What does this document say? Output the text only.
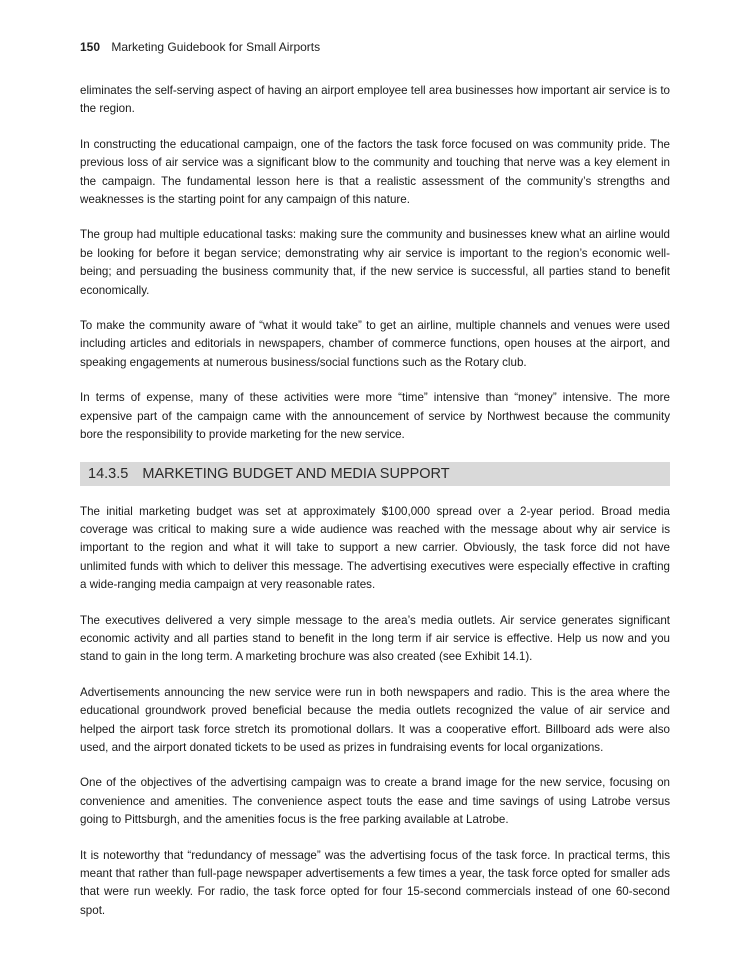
150 Marketing Guidebook for Small Airports

eliminates the self-serving aspect of having an airport employee tell area businesses how important air service is to the region.

In constructing the educational campaign, one of the factors the task force focused on was community pride. The previous loss of air service was a significant blow to the community and touching that nerve was a key element in the campaign. The fundamental lesson here is that a realistic assessment of the community’s strengths and weaknesses is the starting point for any campaign of this nature.

The group had multiple educational tasks: making sure the community and businesses knew what an airline would be looking for before it began service; demonstrating why air service is important to the region’s economic well-being; and persuading the business community that, if the new service is successful, all parties stand to benefit economically.

To make the community aware of “what it would take” to get an airline, multiple channels and venues were used including articles and editorials in newspapers, chamber of commerce functions, open houses at the airport, and speaking engagements at numerous business/social functions such as the Rotary club.

In terms of expense, many of these activities were more “time” intensive than “money” intensive. The more expensive part of the campaign came with the announcement of service by Northwest because the community bore the responsibility to provide marketing for the new service.

14.3.5 MARKETING BUDGET AND MEDIA SUPPORT

The initial marketing budget was set at approximately $100,000 spread over a 2-year period. Broad media coverage was critical to making sure a wide audience was reached with the message about why air service is important to the region and what it will take to support a new carrier. Obviously, the task force did not have unlimited funds with which to deliver this message. The advertising executives were especially effective in crafting a wide-ranging media campaign at very reasonable rates.

The executives delivered a very simple message to the area’s media outlets. Air service generates significant economic activity and all parties stand to benefit in the long term if air service is effective. Help us now and you stand to gain in the long term. A marketing brochure was also created (see Exhibit 14.1).

Advertisements announcing the new service were run in both newspapers and radio. This is the area where the educational groundwork proved beneficial because the media outlets recognized the value of air service and helped the airport task force stretch its promotional dollars. It was a cooperative effort. Billboard ads were also used, and the airport donated tickets to be used as prizes in fundraising events for local organizations.

One of the objectives of the advertising campaign was to create a brand image for the new service, focusing on convenience and amenities. The convenience aspect touts the ease and time savings of using Latrobe versus going to Pittsburgh, and the amenities focus is the free parking available at Latrobe.

It is noteworthy that “redundancy of message” was the advertising focus of the task force. In practical terms, this meant that rather than full-page newspaper advertisements a few times a year, the task force opted for smaller ads that were run weekly. For radio, the task force opted for four 15-second commercials instead of one 60-second spot.
